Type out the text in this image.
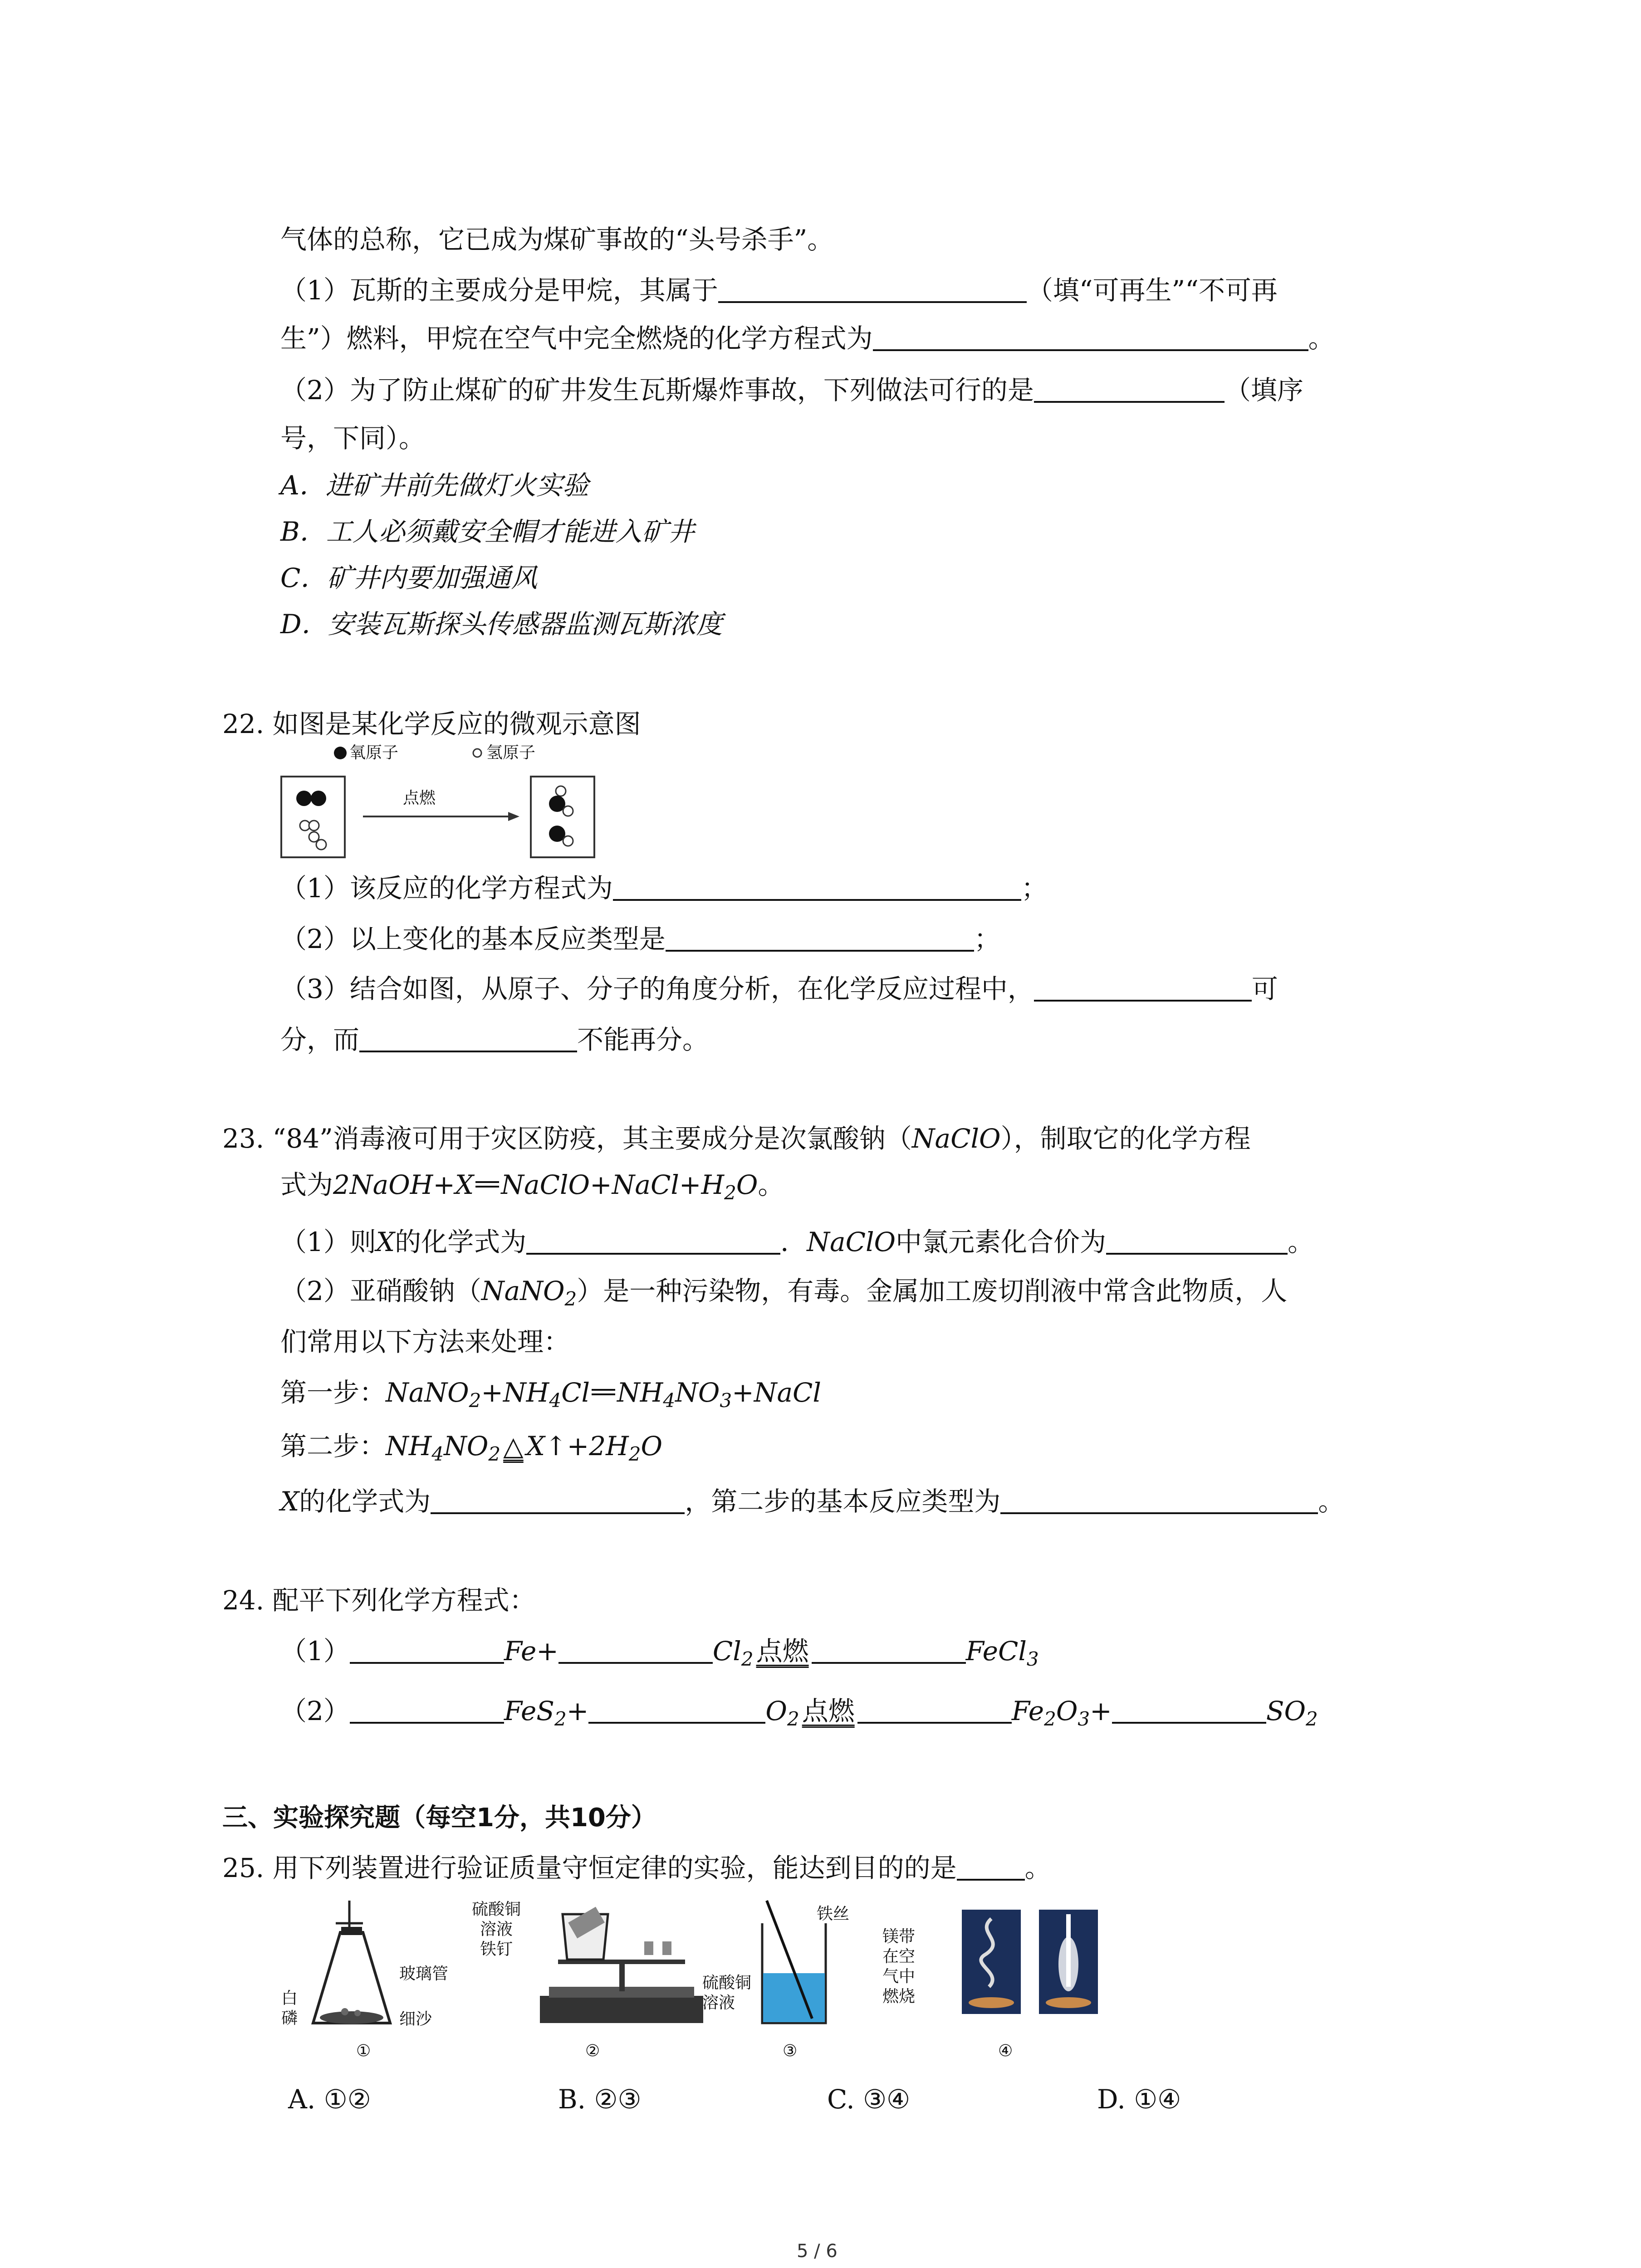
气体的总称，它已成为煤矿事故的“头号杀手”。
（1）瓦斯的主要成分是甲烷，其属于	（填“可再生”“不可再
生”）燃料，甲烷在空气中完全燃烧的化学方程式为	。
（2）为了防止煤矿的矿井发生瓦斯爆炸事故，下列做法可行的是	（填序
号，下同）。
A．进矿井前先做灯火实验
B．工人必须戴安全帽才能进入矿井
C．矿井内要加强通风
D．安装瓦斯探头传感器监测瓦斯浓度
22. 如图是某化学反应的微观示意图
氧原子	氢原子
点燃
（1）该反应的化学方程式为	；
（2）以上变化的基本反应类型是	；
（3）结合如图，从原子、分子的角度分析，在化学反应过程中，	可
分，而	不能再分。
23. “84”消毒液可用于灾区防疫，其主要成分是次氯酸钠（NaClO），制取它的化学方程
式为2NaOH+X $NaClO+NaCl+H_2O$。
（1）则X的化学式为	．NaClO中氯元素化合价为	。
（2）亚硝酸钠（NaNO$_2$）是一种污染物，有毒。金属加工废切削液中常含此物质，人
们常用以下方法来处理：
第一步：$NaNO_2+NH_4Cl$ $NH_4NO_3+NaCl$
第二步：$NH_4NO_2$ △ $X↑+2H_2O$
X的化学式为	，第二步的基本反应类型为	。
24. 配平下列化学方程式：
（1）	Fe+	$Cl_2$ 点燃	FeCl$_3$
（2）	FeS$_2$+	$O_2$ 点燃	$Fe_2O_3+$	$SO_2$
三、实验探究题（每空1分，共10分）
25. 用下列装置进行验证质量守恒定律的实验，能达到目的的是	。
白
磷
玻璃管
细沙
①
硫酸铜
溶液
铁钉
②
铁丝
硫酸铜
溶液
③
镁带
在空
气中
燃烧
④
A. ①②	B. ②③	C. ③④	D. ①④
5 / 6
